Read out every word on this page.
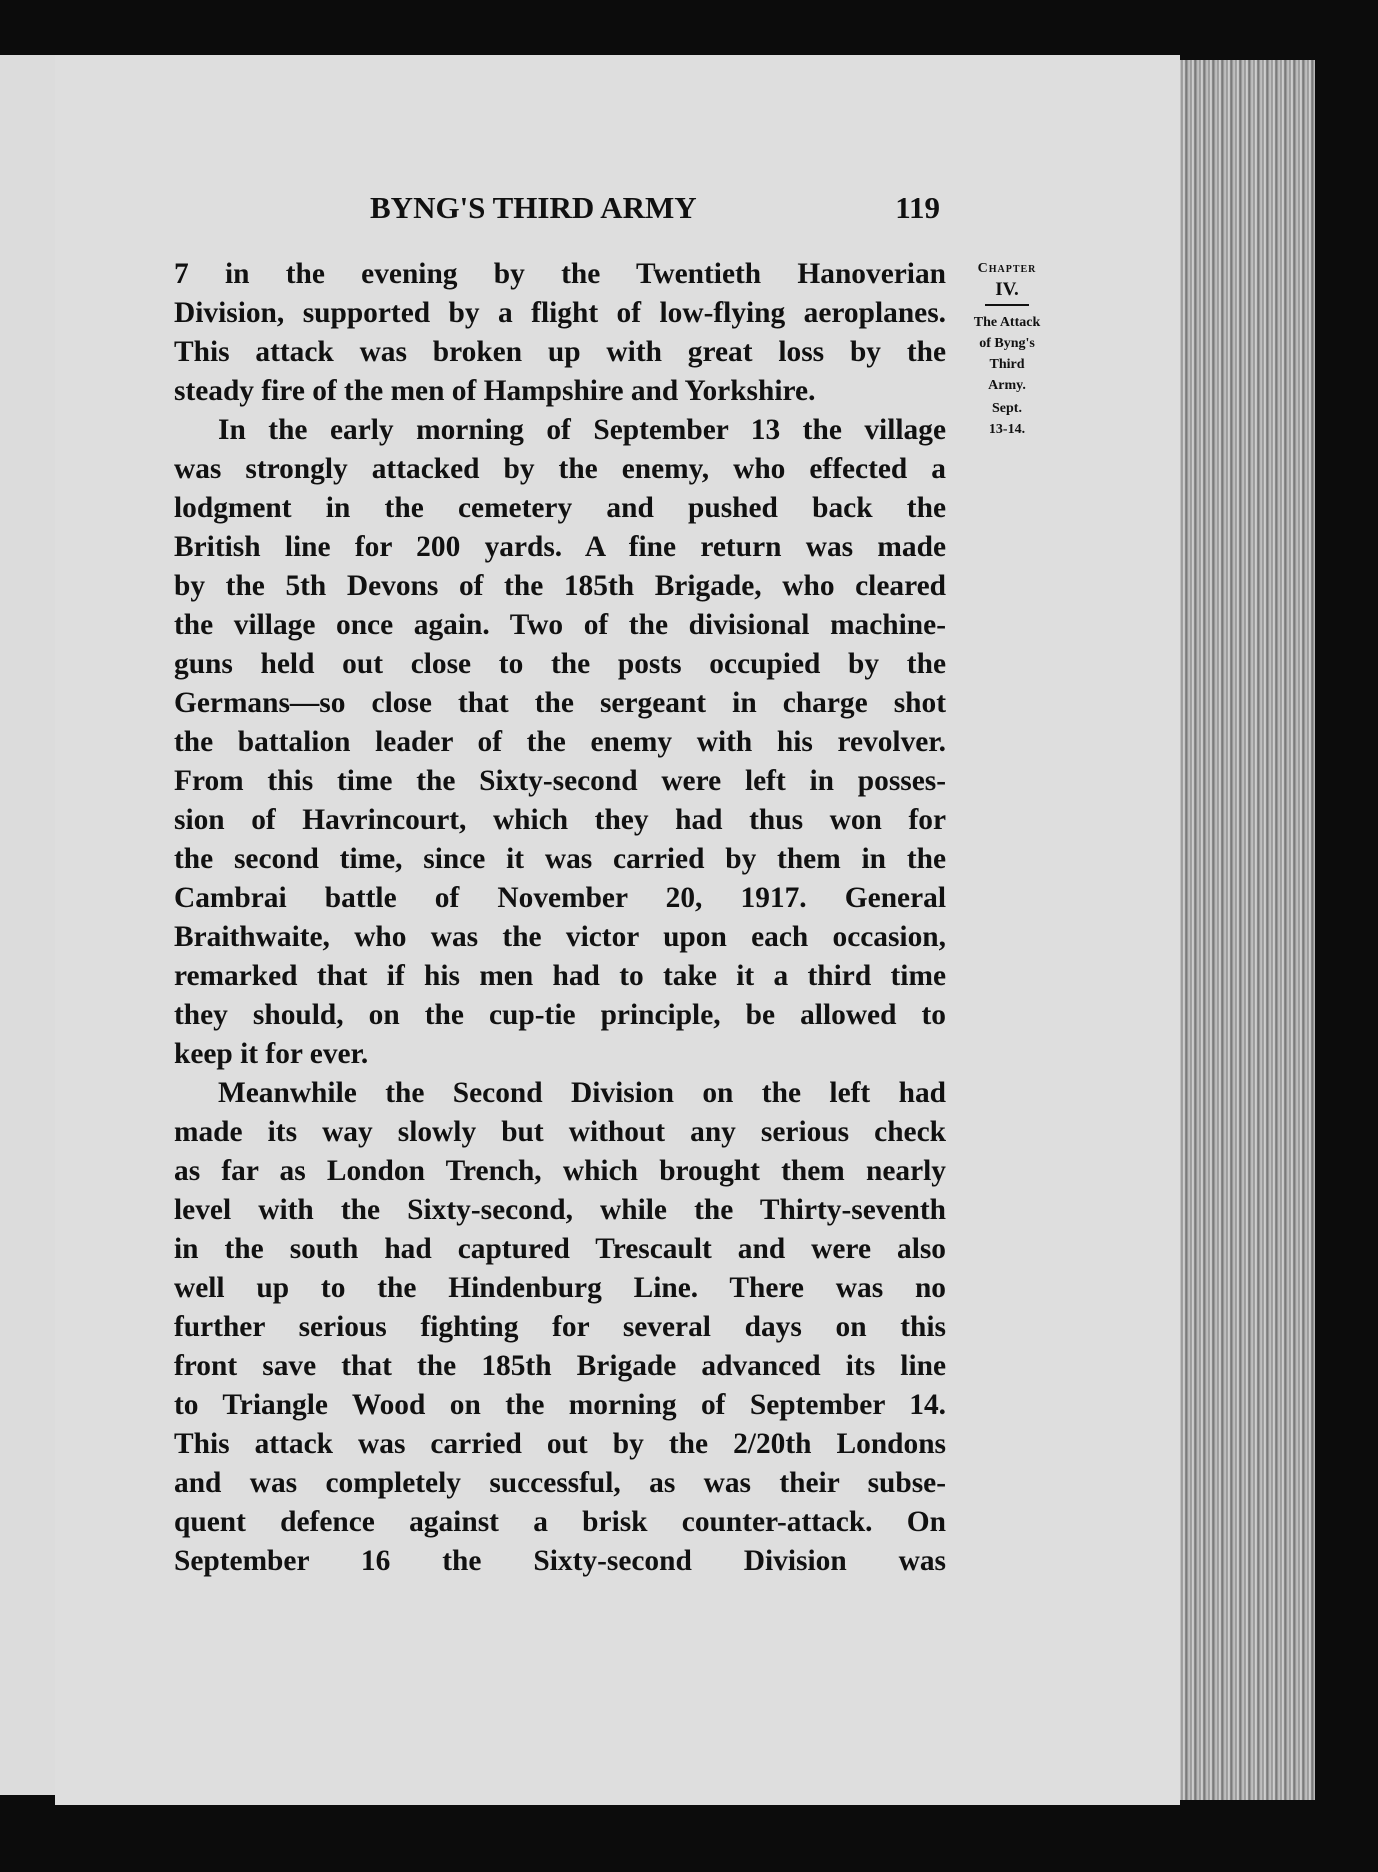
BYNG'S THIRD ARMY	119
7 in the evening by the Twentieth Hanoverian
Division, supported by a flight of low-flying aeroplanes.
This attack was broken up with great loss by the
steady fire of the men of Hampshire and Yorkshire.
In the early morning of September 13 the village
was strongly attacked by the enemy, who effected a
lodgment in the cemetery and pushed back the
British line for 200 yards. A fine return was made
by the 5th Devons of the 185th Brigade, who cleared
the village once again. Two of the divisional machine-
guns held out close to the posts occupied by the
Germans—so close that the sergeant in charge shot
the battalion leader of the enemy with his revolver.
From this time the Sixty-second were left in posses-
sion of Havrincourt, which they had thus won for
the second time, since it was carried by them in the
Cambrai battle of November 20, 1917. General
Braithwaite, who was the victor upon each occasion,
remarked that if his men had to take it a third time
they should, on the cup-tie principle, be allowed to
keep it for ever.
Meanwhile the Second Division on the left had
made its way slowly but without any serious check
as far as London Trench, which brought them nearly
level with the Sixty-second, while the Thirty-seventh
in the south had captured Trescault and were also
well up to the Hindenburg Line. There was no
further serious fighting for several days on this
front save that the 185th Brigade advanced its line
to Triangle Wood on the morning of September 14.
This attack was carried out by the 2/20th Londons
and was completely successful, as was their subse-
quent defence against a brisk counter-attack. On
September 16 the Sixty-second Division was
Chapter
IV.
The Attack
of Byng's
Third
Army.
Sept.
13-14.
